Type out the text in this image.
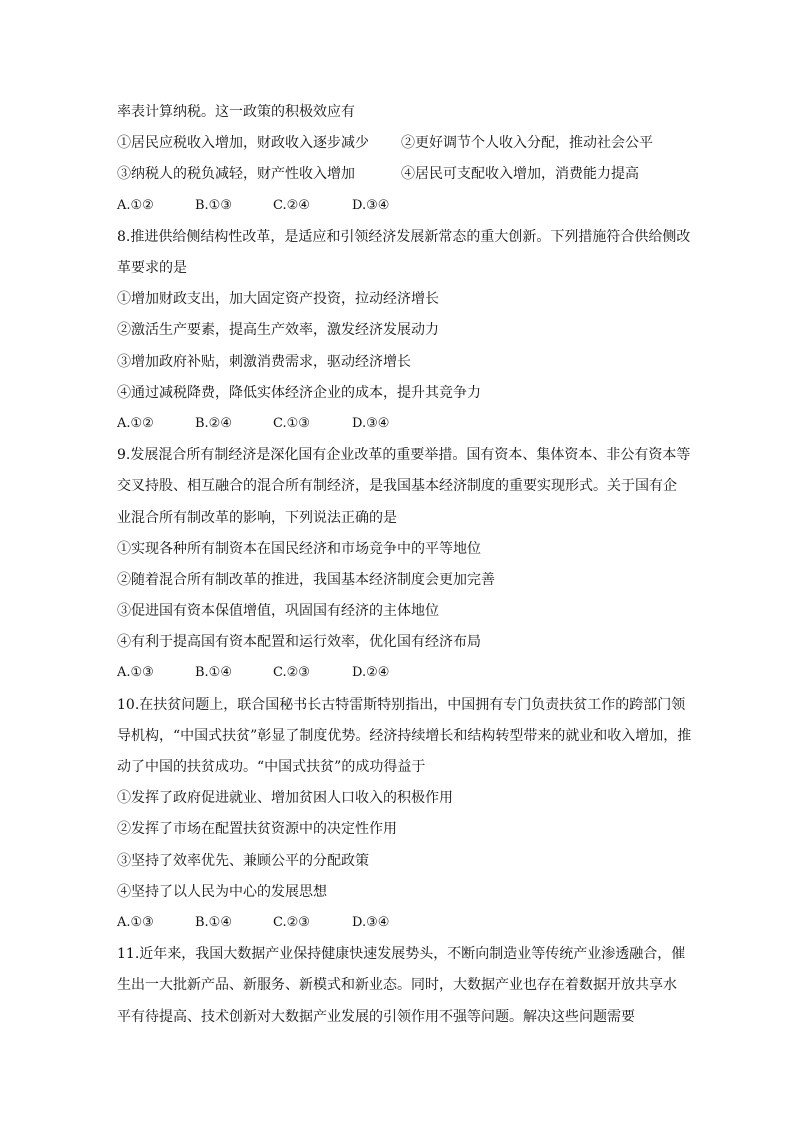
率表计算纳税。这一政策的积极效应有
①居民应税收入增加，财政收入逐步减少 ②更好调节个人收入分配，推动社会公平
③纳税人的税负减轻，财产性收入增加	④居民可支配收入增加，消费能力提高
A.①②	B.①③	C.②④	D.③④
8.推进供给侧结构性改革，是适应和引领经济发展新常态的重大创新。下列措施符合供给侧改
革要求的是
①增加财政支出，加大固定资产投资，拉动经济增长
②激活生产要素，提高生产效率，激发经济发展动力
③增加政府补贴，刺激消费需求，驱动经济增长
④通过减税降费，降低实体经济企业的成本，提升其竞争力
A.①②	B.②④	C.①③	D.③④
9.发展混合所有制经济是深化国有企业改革的重要举措。国有资本、集体资本、非公有资本等
交叉持股、相互融合的混合所有制经济，是我国基本经济制度的重要实现形式。关于国有企
业混合所有制改革的影响，下列说法正确的是
①实现各种所有制资本在国民经济和市场竞争中的平等地位
②随着混合所有制改革的推进，我国基本经济制度会更加完善
③促进国有资本保值增值，巩固国有经济的主体地位
④有利于提高国有资本配置和运行效率，优化国有经济布局
A.①③	B.①④	C.②③	D.②④
10.在扶贫问题上，联合国秘书长古特雷斯特别指出，中国拥有专门负责扶贫工作的跨部门领
导机构，“中国式扶贫”彰显了制度优势。经济持续增长和结构转型带来的就业和收入增加，推
动了中国的扶贫成功。“中国式扶贫”的成功得益于
①发挥了政府促进就业、增加贫困人口收入的积极作用
②发挥了市场在配置扶贫资源中的决定性作用
③坚持了效率优先、兼顾公平的分配政策
④坚持了以人民为中心的发展思想
A.①③	B.①④	C.②③	D.③④
11.近年来，我国大数据产业保持健康快速发展势头，不断向制造业等传统产业渗透融合，催
生出一大批新产品、新服务、新模式和新业态。同时，大数据产业也存在着数据开放共享水
平有待提高、技术创新对大数据产业发展的引领作用不强等问题。解决这些问题需要
